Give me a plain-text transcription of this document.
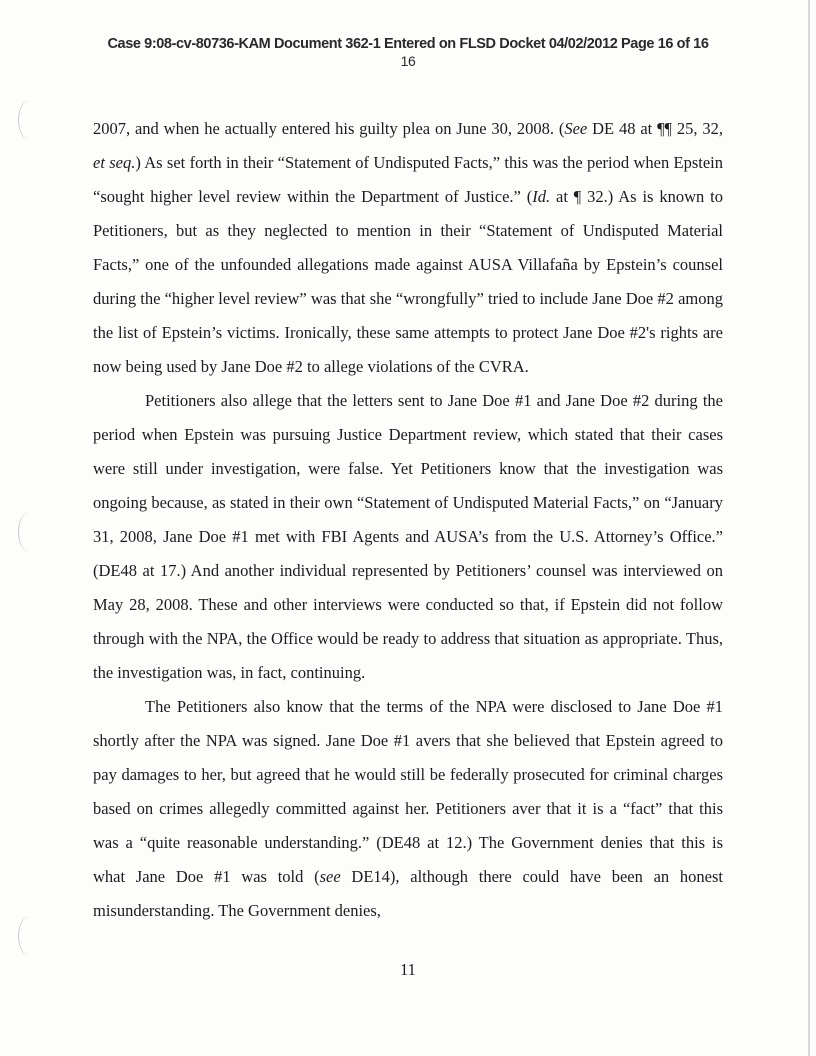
Case 9:08-cv-80736-KAM Document 362-1 Entered on FLSD Docket 04/02/2012 Page 16 of 16
16

2007, and when he actually entered his guilty plea on June 30, 2008. (See DE 48 at ¶¶ 25, 32, et seq.) As set forth in their “Statement of Undisputed Facts,” this was the period when Epstein “sought higher level review within the Department of Justice.” (Id. at ¶ 32.) As is known to Petitioners, but as they neglected to mention in their “Statement of Undisputed Material Facts,” one of the unfounded allegations made against AUSA Villafaña by Epstein’s counsel during the “higher level review” was that she “wrongfully” tried to include Jane Doe #2 among the list of Epstein’s victims. Ironically, these same attempts to protect Jane Doe #2's rights are now being used by Jane Doe #2 to allege violations of the CVRA.

Petitioners also allege that the letters sent to Jane Doe #1 and Jane Doe #2 during the period when Epstein was pursuing Justice Department review, which stated that their cases were still under investigation, were false. Yet Petitioners know that the investigation was ongoing because, as stated in their own “Statement of Undisputed Material Facts,” on “January 31, 2008, Jane Doe #1 met with FBI Agents and AUSA’s from the U.S. Attorney’s Office.” (DE48 at 17.) And another individual represented by Petitioners’ counsel was interviewed on May 28, 2008. These and other interviews were conducted so that, if Epstein did not follow through with the NPA, the Office would be ready to address that situation as appropriate. Thus, the investigation was, in fact, continuing.

The Petitioners also know that the terms of the NPA were disclosed to Jane Doe #1 shortly after the NPA was signed. Jane Doe #1 avers that she believed that Epstein agreed to pay damages to her, but agreed that he would still be federally prosecuted for criminal charges based on crimes allegedly committed against her. Petitioners aver that it is a “fact” that this was a “quite reasonable understanding.” (DE48 at 12.) The Government denies that this is what Jane Doe #1 was told (see DE14), although there could have been an honest misunderstanding. The Government denies,

11
